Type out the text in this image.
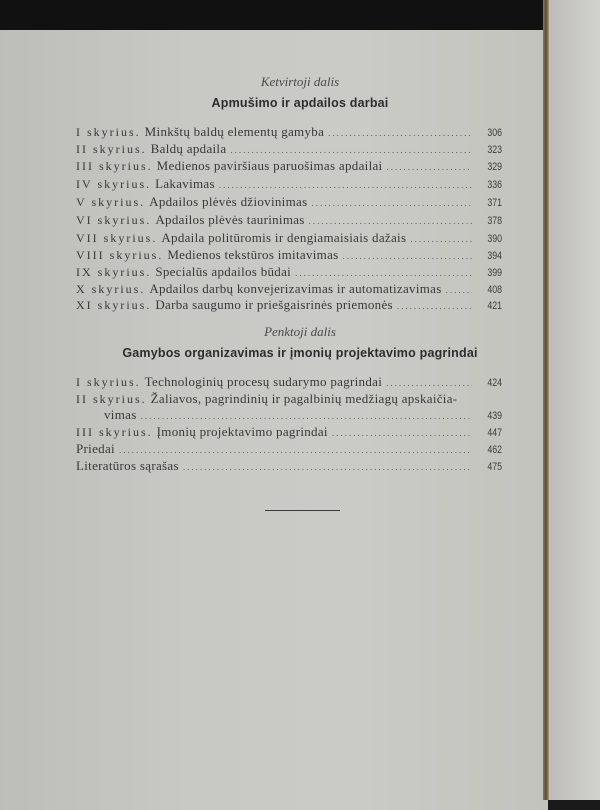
Ketvirtoji dalis
Apmušimo ir apdailos darbai
I skyrius. Minkštų baldų elementų gamyba .....	306
II skyrius. Baldų apdaila .....	323
III skyrius. Medienos paviršiaus paruošimas apdailai .....	329
IV skyrius. Lakavimas .....	336
V skyrius. Apdailos plėvės džiovinimas .....	371
VI skyrius. Apdailos plėvės taurinimas .....	378
VII skyrius. Apdaila politūromis ir dengiamaisiais dažais .....	390
VIII skyrius. Medienos tekstūros imitavimas .....	394
IX skyrius. Specialūs apdailos būdai .....	399
X skyrius. Apdailos darbų konvejerizavimas ir automatizavimas .....	408
XI skyrius. Darba saugumo ir priešgaisrinės priemonės .....	421
Penktoji dalis
Gamybos organizavimas ir įmonių projektavimo pagrindai
I skyrius. Technologinių procesų sudarymo pagrindai .....	424
II skyrius. Žaliavos, pagrindinių ir pagalbinių medžiagų apskaičia-
vimas .....	439
III skyrius. Įmonių projektavimo pagrindai .....	447
Priedai .....	462
Literatūros sąrašas .....	475
